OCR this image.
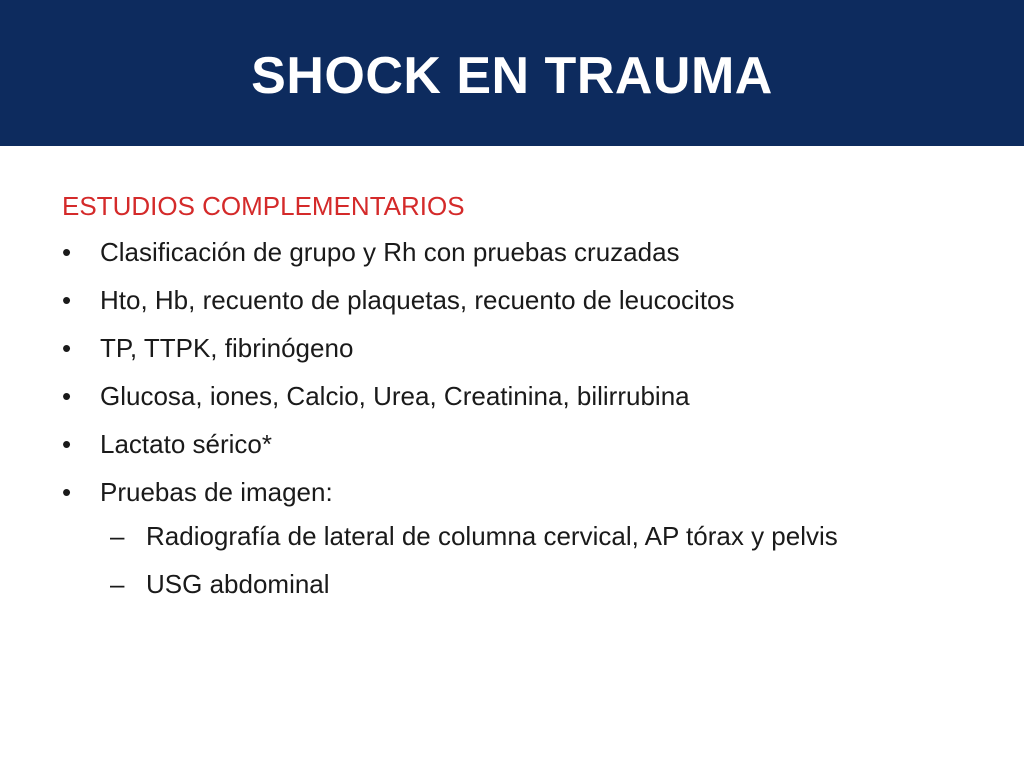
SHOCK EN TRAUMA

ESTUDIOS COMPLEMENTARIOS

•	Clasificación de grupo y Rh con pruebas cruzadas
•	Hto, Hb, recuento de plaquetas, recuento de leucocitos
•	TP, TTPK, fibrinógeno
•	Glucosa, iones, Calcio, Urea, Creatinina, bilirrubina
•	Lactato sérico*
•	Pruebas de imagen:
– Radiografía de lateral de columna cervical, AP tórax y pelvis
– USG abdominal
